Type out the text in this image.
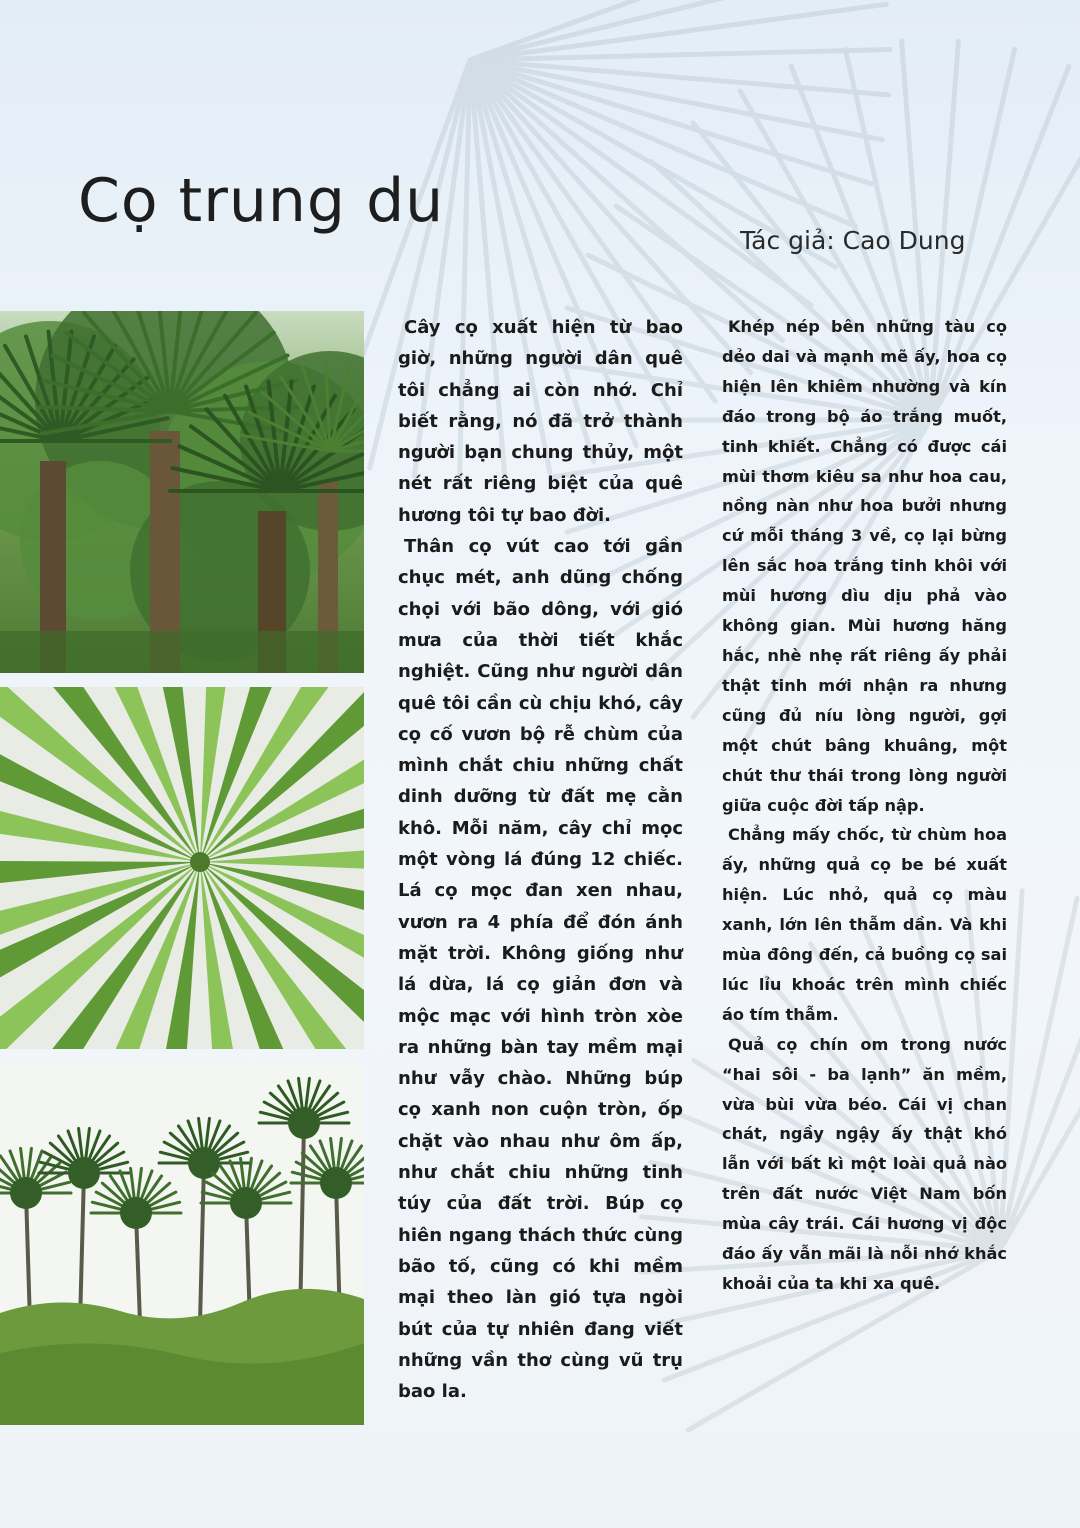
Cọ trung du
Tác giả: Cao Dung

Cây cọ xuất hiện từ bao giờ, những người dân quê tôi chẳng ai còn nhớ. Chỉ biết rằng, nó đã trở thành người bạn chung thủy, một nét rất riêng biệt của quê hương tôi tự bao đời.

Thân cọ vút cao tới gần chục mét, anh dũng chống chọi với bão dông, với gió mưa của thời tiết khắc nghiệt. Cũng như người dân quê tôi cần cù chịu khó, cây cọ cố vươn bộ rễ chùm của mình chắt chiu những chất dinh dưỡng từ đất mẹ cằn khô. Mỗi năm, cây chỉ mọc một vòng lá đúng 12 chiếc. Lá cọ mọc đan xen nhau, vươn ra 4 phía để đón ánh mặt trời. Không giống như lá dừa, lá cọ giản đơn và mộc mạc với hình tròn xòe ra những bàn tay mềm mại như vẫy chào. Những búp cọ xanh non cuộn tròn, ốp chặt vào nhau như ôm ấp, như chắt chiu những tinh túy của đất trời. Búp cọ hiên ngang thách thức cùng bão tố, cũng có khi mềm mại theo làn gió tựa ngòi bút của tự nhiên đang viết những vần thơ cùng vũ trụ bao la.

Khép nép bên những tàu cọ dẻo dai và mạnh mẽ ấy, hoa cọ hiện lên khiêm nhường và kín đáo trong bộ áo trắng muốt, tinh khiết. Chẳng có được cái mùi thơm kiêu sa như hoa cau, nồng nàn như hoa bưởi nhưng cứ mỗi tháng 3 về, cọ lại bừng lên sắc hoa trắng tinh khôi với mùi hương dìu dịu phả vào không gian. Mùi hương hăng hắc, nhè nhẹ rất riêng ấy phải thật tinh mới nhận ra nhưng cũng đủ níu lòng người, gợi một chút bâng khuâng, một chút thư thái trong lòng người giữa cuộc đời tấp nập.

Chẳng mấy chốc, từ chùm hoa ấy, những quả cọ be bé xuất hiện. Lúc nhỏ, quả cọ màu xanh, lớn lên thẫm dần. Và khi mùa đông đến, cả buồng cọ sai lúc lỉu khoác trên mình chiếc áo tím thẫm.

Quả cọ chín om trong nước “hai sôi - ba lạnh” ăn mềm, vừa bùi vừa béo. Cái vị chan chát, ngầy ngậy ấy thật khó lẫn với bất kì một loài quả nào trên đất nước Việt Nam bốn mùa cây trái. Cái hương vị độc đáo ấy vẫn mãi là nỗi nhớ khắc khoải của ta khi xa quê.
